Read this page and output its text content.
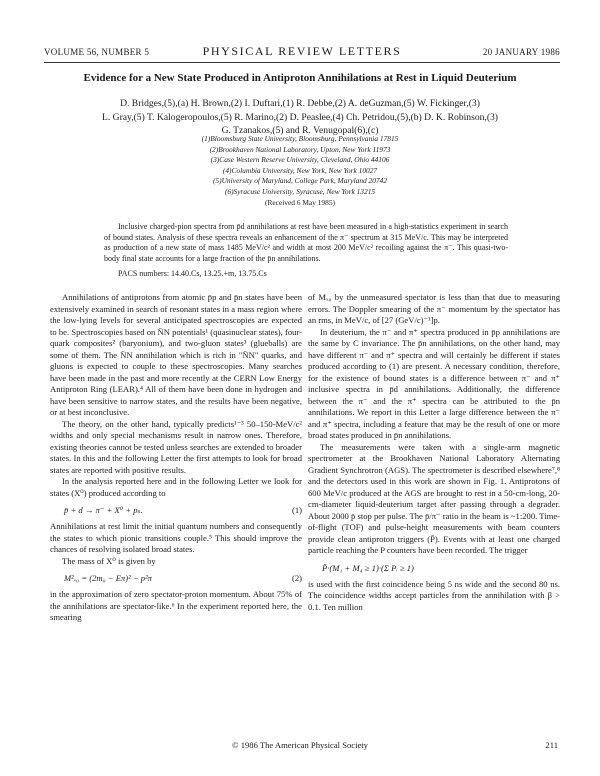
VOLUME 56, NUMBER 5	PHYSICAL REVIEW LETTERS	20 JANUARY 1986
Evidence for a New State Produced in Antiproton Annihilations at Rest in Liquid Deuterium
D. Bridges,(5),(a) H. Brown,(2) I. Duftari,(1) R. Debbe,(2) A. deGuzman,(5) W. Fickinger,(3)
L. Gray,(5) T. Kalogeropoulos,(5) R. Marino,(2) D. Peaslee,(4) Ch. Petridou,(5),(b) D. K. Robinson,(3)
G. Tzanakos,(5) and R. Venugopal(6),(c)
(1)Bloomsburg State University, Bloomsburg, Pennsylvania 17815
(2)Brookhaven National Laboratory, Upton, New York 11973
(3)Case Western Reserve University, Cleveland, Ohio 44106
(4)Columbia University, New York, New York 10027
(5)University of Maryland, College Park, Maryland 20742
(6)Syracuse University, Syracuse, New York 13215
(Received 6 May 1985)
Inclusive charged-pion spectra from p̄d annihilations at rest have been measured in a high-statistics experiment in search of bound states. Analysis of these spectra reveals an enhancement of the π⁻ spectrum at 315 MeV/c. This may be interpreted as production of a new state of mass 1485 MeV/c² and width at most 200 MeV/c² recoiling against the π⁻. This quasi-two-body final state accounts for a large fraction of the p̄n annihilations.
PACS numbers: 14.40.Cs, 13.25.+m, 13.75.Cs

Annihilations of antiprotons from atomic p̄p and p̄n states have been extensively examined in search of resonant states in a mass region where the low-lying levels for several anticipated spectroscopies are expected to be. Spectroscopies based on N̄N potentials¹ (quasinuclear states), four-quark composites² (baryonium), and two-gluon states³ (glueballs) are some of them. The N̄N annihilation which is rich in "N̄N" quarks, and gluons is expected to couple to these spectroscopies. Many searches have been made in the past and more recently at the CERN Low Energy Antiproton Ring (LEAR).⁴ All of them have been done in hydrogen and have been sensitive to narrow states, and the results have been negative, or at best inconclusive.

The theory, on the other hand, typically predicts¹⁻³ 50–150-MeV/c² widths and only special mechanisms result in narrow ones. Therefore, existing theories cannot be tested unless searches are extended to broader states. In this and the following Letter the first attempts to look for broad states are reported with positive results.

In the analysis reported here and in the following Letter we look for states (X⁰) produced according to

p̄ + d → π⁻ + X⁰ + pₛ.	(1)

Annihilations at rest limit the initial quantum numbers and consequently the states to which pionic transitions couple.⁵ This should improve the chances of resolving isolated broad states.

The mass of X⁰ is given by

M²ₓ₀ = (2m₀ − Eπ)² − p²π	(2)

in the approximation of zero spectator-proton momentum. About 75% of the annihilations are spectator-like.⁶ In the experiment reported here, the smearing

of Mₓ₀ by the unmeasured spectator is less than that due to measuring errors. The Doppler smearing of the π⁻ momentum by the spectator has an rms, in MeV/c, of [27 (GeV/c)⁻¹]p.

In deuterium, the π⁻ and π⁺ spectra produced in p̄p annihilations are the same by C invariance. The p̄n annihilations, on the other hand, may have different π⁻ and π⁺ spectra and will certainly be different if states produced according to (1) are present. A necessary condition, therefore, for the existence of bound states is a difference between π⁻ and π⁺ inclusive spectra in p̄d annihilations. Additionally, the difference between the π⁻ and the π⁺ spectra can be attributed to the p̄n annihilations. We report in this Letter a large difference between the π⁻ and π⁺ spectra, including a feature that may be the result of one or more broad states produced in p̄n annihilations.

The measurements were taken with a single-arm magnetic spectrometer at the Brookhaven National Laboratory Alternating Gradient Synchrotron (AGS). The spectrometer is described elsewhere⁷,⁸ and the detectors used in this work are shown in Fig. 1. Antiprotons of 600 MeV/c produced at the AGS are brought to rest in a 50-cm-long, 20-cm-diameter liquid-deuterium target after passing through a degrader. About 2000 p̄ stop per pulse. The p̄/π⁻ ratio in the beam is ~1:200. Time-of-flight (TOF) and pulse-height measurements with beam counters provide clean antiproton triggers (P̄). Events with at least one charged particle reaching the P counters have been recorded. The trigger

P̄·(M₁ + M₄ ≥ 1)·(Σ Pᵢ ≥ 1)

is used with the first coincidence being 5 ns wide and the second 80 ns. The coincidence widths accept particles from the annihilation with β > 0.1. Ten million

© 1986 The American Physical Society	211
